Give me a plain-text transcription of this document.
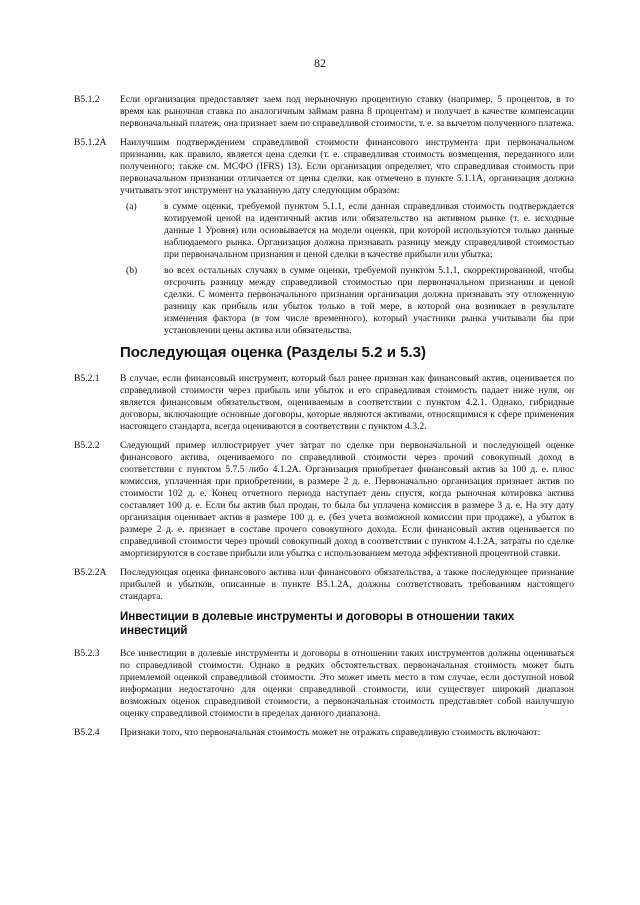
82
B5.1.2	Если организация предоставляет заем под нерыночную процентную ставку (например, 5 процентов, в то время как рыночная ставка по аналогичным займам равна 8 процентам) и получает в качестве компенсации первоначальный платеж, она признает заем по справедливой стоимости, т. е. за вычетом полученного платежа.
B5.1.2A	Наилучшим подтверждением справедливой стоимости финансового инструмента при первоначальном признании, как правило, является цена сделки (т. е. справедливая стоимость возмещения, переданного или полученного; также см. МСФО (IFRS) 13). Если организация определяет, что справедливая стоимость при первоначальном признании отличается от цены сделки, как отмечено в пункте 5.1.1А, организация должна учитывать этот инструмент на указанную дату следующим образом:

(a)	в сумме оценки, требуемой пунктом 5.1.1, если данная справедливая стоимость подтверждается котируемой ценой на идентичный актив или обязательство на активном рынке (т. е. исходные данные 1 Уровня) или основывается на модели оценки, при которой используются только данные наблюдаемого рынка. Организация должна признавать разницу между справедливой стоимостью при первоначальном признания и ценой сделки в качестве прибыли или убытка;
(b)	во всех остальных случаях в сумме оценки, требуемой пунктом 5.1.1, скорректированной, чтобы отсрочить разницу между справедливой стоимостью при первоначальном признании и ценой сделки. С момента первоначального признания организация должна признавать эту отложенную разницу как прибыль или убыток только в той мере, в которой она возникает в результате изменения фактора (в том числе временного), который участники рынка учитывали бы при установлении цены актива или обязательства.
Последующая оценка (Разделы 5.2 и 5.3)
B5.2.1	В случае, если финансовый инструмент, который был ранее признан как финансовый актив, оценивается по справедливой стоимости через прибыль или убыток и его справедливая стоимость падает ниже нуля, он является финансовым обязательством, оцениваемым в соответствии с пунктом 4.2.1. Однако, гибридные договоры, включающие основные договоры, которые являются активами, относящимися к сфере применения настоящего стандарта, всегда оцениваются в соответствии с пунктом 4.3.2.
B5.2.2	Следующий пример иллюстрирует учет затрат по сделке при первоначальной и последующей оценке финансового актива, оцениваемого по справедливой стоимости через прочий совокупный доход в соответствии с пунктом 5.7.5 либо 4.1.2А. Организация приобретает финансовый актив за 100 д. е. плюс комиссия, уплаченная при приобретении, в размере 2 д. е. Первоначально организация признает актив по стоимости 102 д. е. Конец отчетного периода наступает день спустя, когда рыночная котировка актива составляет 100 д. е. Если бы актив был продан, то была бы уплачена комиссия в размере 3 д. е. На эту дату организация оценивает актив в размере 100 д. е. (без учета возможной комиссии при продаже), а убыток в размере 2 д. е. признает в составе прочего совокупного дохода. Если финансовый актив оценивается по справедливой стоимости через прочий совокупный доход в соответствии с пунктом 4.1.2А, затраты по сделке амортизируются в составе прибыли или убытка с использованием метода эффективной процентной ставки.
B5.2.2A	Последующая оценка финансового актива или финансового обязательства, а также последующее признание прибылей и убытков, описанные в пункте B5.1.2А, должны соответствовать требованиям настоящего стандарта.
Инвестиции в долевые инструменты и договоры в отношении таких инвестиций
B5.2.3	Все инвестиции в долевые инструменты и договоры в отношении таких инструментов должны оцениваться по справедливой стоимости. Однако в редких обстоятельствах первоначальная стоимость может быть приемлемой оценкой справедливой стоимости. Это может иметь место в том случае, если доступной новой информации недостаточно для оценки справедливой стоимости, или существует широкий диапазон возможных оценок справедливой стоимости, а первоначальная стоимость представляет собой наилучшую оценку справедливой стоимости в пределах данного диапазона.
B5.2.4	Признаки того, что первоначальная стоимость может не отражать справедливую стоимость включают:
